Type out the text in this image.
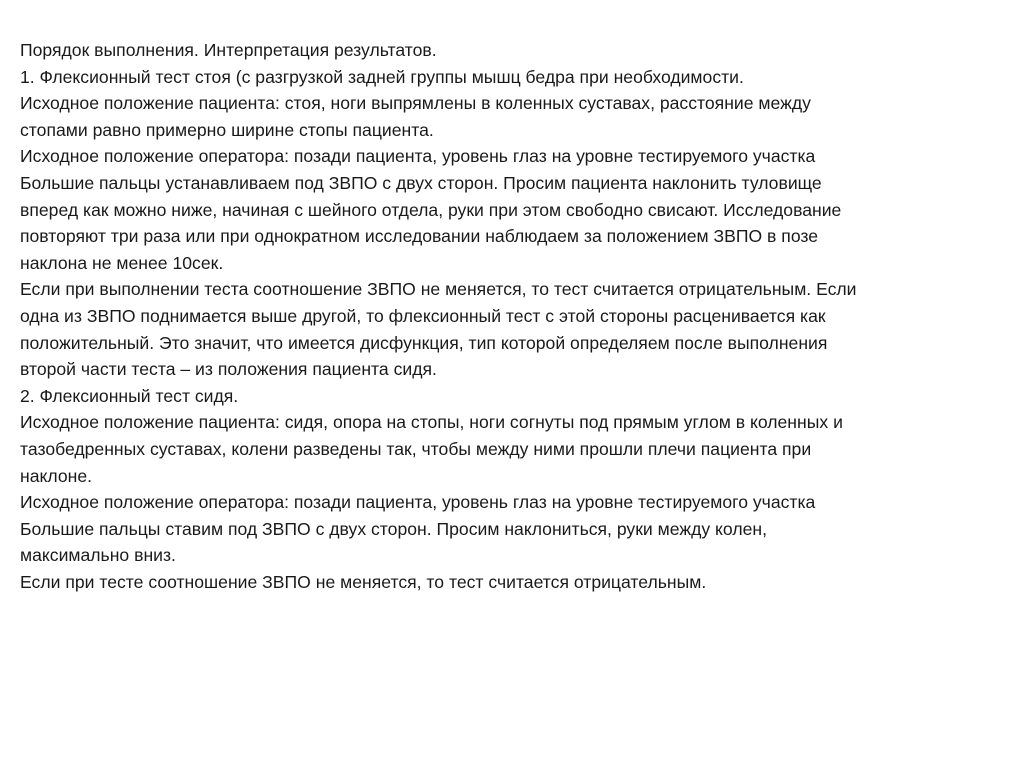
Порядок выполнения. Интерпретация результатов.
1. Флексионный тест стоя (с разгрузкой задней группы мышц бедра при необходимости.
Исходное положение пациента: стоя, ноги выпрямлены в коленных суставах, расстояние между
стопами равно примерно ширине стопы пациента.
Исходное положение оператора: позади пациента, уровень глаз на уровне тестируемого участка
Большие пальцы устанавливаем под ЗВПО с двух сторон. Просим пациента наклонить туловище
вперед как можно ниже, начиная с шейного отдела, руки при этом свободно свисают. Исследование
повторяют три раза или при однократном исследовании наблюдаем за положением ЗВПО в позе
наклона не менее 10сек.
Если при выполнении теста соотношение ЗВПО не меняется, то тест считается отрицательным. Если
одна из ЗВПО поднимается выше другой, то флексионный тест с этой стороны расценивается как
положительный. Это значит, что имеется дисфункция, тип которой определяем после выполнения
второй части теста – из положения пациента сидя.
2. Флексионный тест сидя.
Исходное положение пациента: сидя, опора на стопы, ноги согнуты под прямым углом в коленных и
тазобедренных суставах, колени разведены так, чтобы между ними прошли плечи пациента при
наклоне.
Исходное положение оператора: позади пациента, уровень глаз на уровне тестируемого участка
Большие пальцы ставим под ЗВПО с двух сторон. Просим наклониться, руки между колен,
максимально вниз.
Если при тесте соотношение ЗВПО не меняется, то тест считается отрицательным.
